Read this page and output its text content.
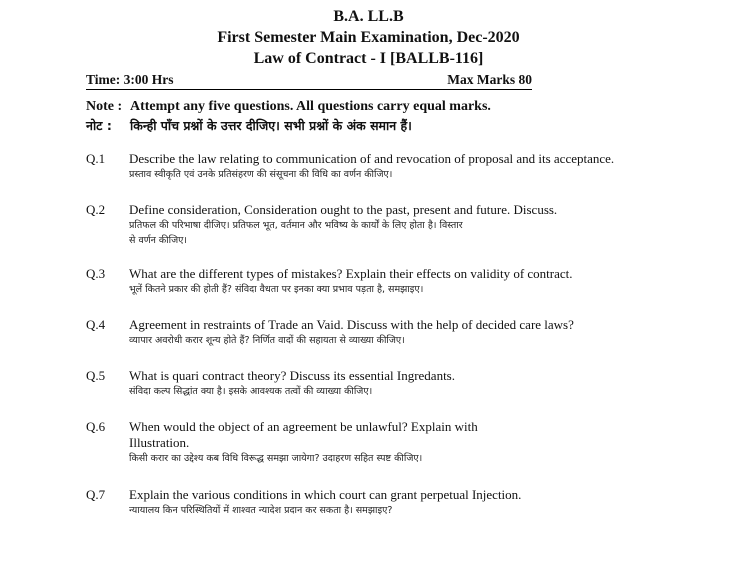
B.A. LL.B
First Semester Main Examination, Dec-2020
Law of Contract - I [BALLB-116]
Time: 3:00 Hrs	Max Marks 80
Note : Attempt any five questions. All questions carry equal marks.
नोट :	किन्ही पाँच प्रश्नों के उत्तर दीजिए। सभी प्रश्नों के अंक समान हैं।
Q.1	Describe the law relating to communication of and revocation of proposal and its acceptance.
प्रस्ताव स्वीकृति एवं उनके प्रतिसंहरण की संसूचना की विधि का वर्णन कीजिए।
Q.2	Define consideration, Consideration ought to the past, present and future. Discuss.
प्रतिफल की परिभाषा दीजिए। प्रतिफल भूत, वर्तमान और भविष्य के कार्यों के लिए होता है। विस्तार
से वर्णन कीजिए।
Q.3	What are the different types of mistakes? Explain their effects on validity of contract.
भूलें कितने प्रकार की होती हैं? संविदा वैधता पर इनका क्या प्रभाव पड़ता है, समझाइए।
Q.4	Agreement in restraints of Trade an Vaid. Discuss with the help of decided care laws?
व्यापार अवरोधी करार शून्य होते हैं? निर्णित वादों की सहायता से व्याख्या कीजिए।
Q.5	What is quari contract theory? Discuss its essential Ingredants.
संविदा कल्प सिद्धांत क्या है। इसके आवश्यक तत्वों की व्याख्या कीजिए।
Q.6	When would the object of an agreement be unlawful? Explain with
Illustration.
किसी करार का उद्देश्य कब विधि विरूद्ध समझा जायेगा? उदाहरण सहित स्पष्ट कीजिए।
Q.7	Explain the various conditions in which court can grant perpetual Injection.
न्यायालय किन परिस्थितियों में शाश्वत न्यादेश प्रदान कर सकता है। समझाइए?
